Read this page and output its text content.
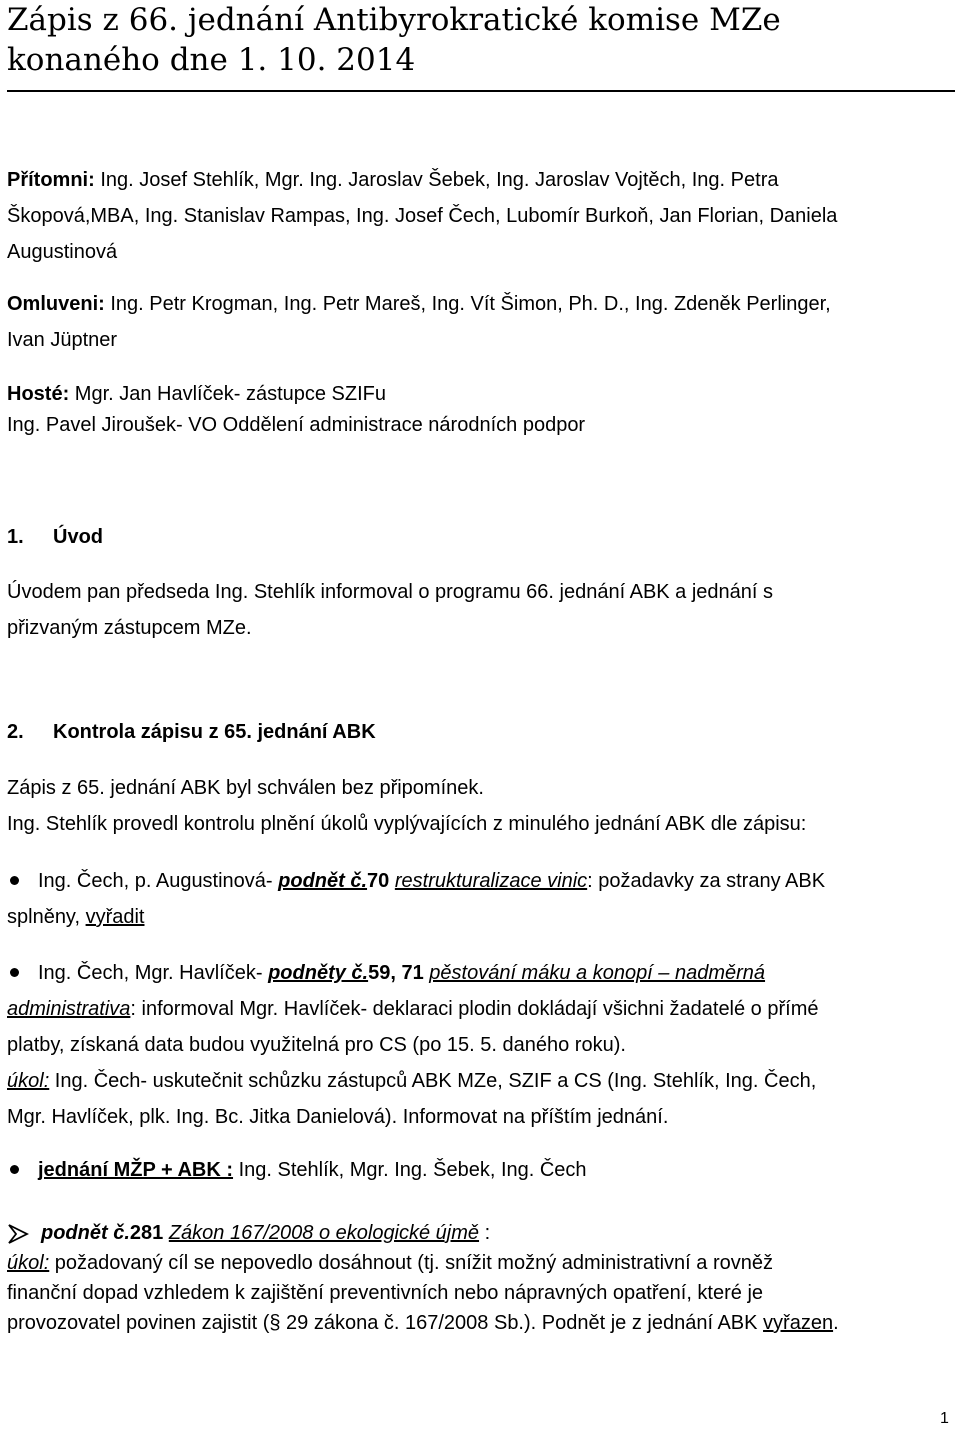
Zápis z 66. jednání Antibyrokratické komise MZe
konaného dne 1. 10. 2014
Přítomni: Ing. Josef Stehlík, Mgr. Ing. Jaroslav Šebek, Ing. Jaroslav Vojtěch, Ing. Petra
Škopová,MBA, Ing. Stanislav Rampas, Ing. Josef Čech, Lubomír Burkoň, Jan Florian, Daniela
Augustinová
Omluveni: Ing. Petr Krogman, Ing. Petr Mareš, Ing. Vít Šimon, Ph. D., Ing. Zdeněk Perlinger,
Ivan Jüptner
Hosté: Mgr. Jan Havlíček- zástupce SZIFu
Ing. Pavel Jiroušek- VO Oddělení administrace národních podpor
1. Úvod
Úvodem pan předseda Ing. Stehlík informoval o programu 66. jednání ABK a jednání s
přizvaným zástupcem MZe.
2. Kontrola zápisu z 65. jednání ABK
Zápis z 65. jednání ABK byl schválen bez připomínek.
Ing. Stehlík provedl kontrolu plnění úkolů vyplývajících z minulého jednání ABK dle zápisu:
Ing. Čech, p. Augustinová- podnět č.70 restrukturalizace vinic: požadavky za strany ABK
splněny, vyřadit
Ing. Čech, Mgr. Havlíček- podněty č.59, 71 pěstování máku a konopí – nadměrná
administrativa: informoval Mgr. Havlíček- deklaraci plodin dokládají všichni žadatelé o přímé
platby, získaná data budou využitelná pro CS (po 15. 5. daného roku).
úkol: Ing. Čech- uskutečnit schůzku zástupců ABK MZe, SZIF a CS (Ing. Stehlík, Ing. Čech,
Mgr. Havlíček, plk. Ing. Bc. Jitka Danielová). Informovat na příštím jednání.
jednání MŽP + ABK : Ing. Stehlík, Mgr. Ing. Šebek, Ing. Čech
podnět č.281 Zákon 167/2008 o ekologické újmě :
úkol: požadovaný cíl se nepovedlo dosáhnout (tj. snížit možný administrativní a rovněž
finanční dopad vzhledem k zajištění preventivních nebo nápravných opatření, které je
provozovatel povinen zajistit (§ 29 zákona č. 167/2008 Sb.). Podnět je z jednání ABK vyřazen.
1
